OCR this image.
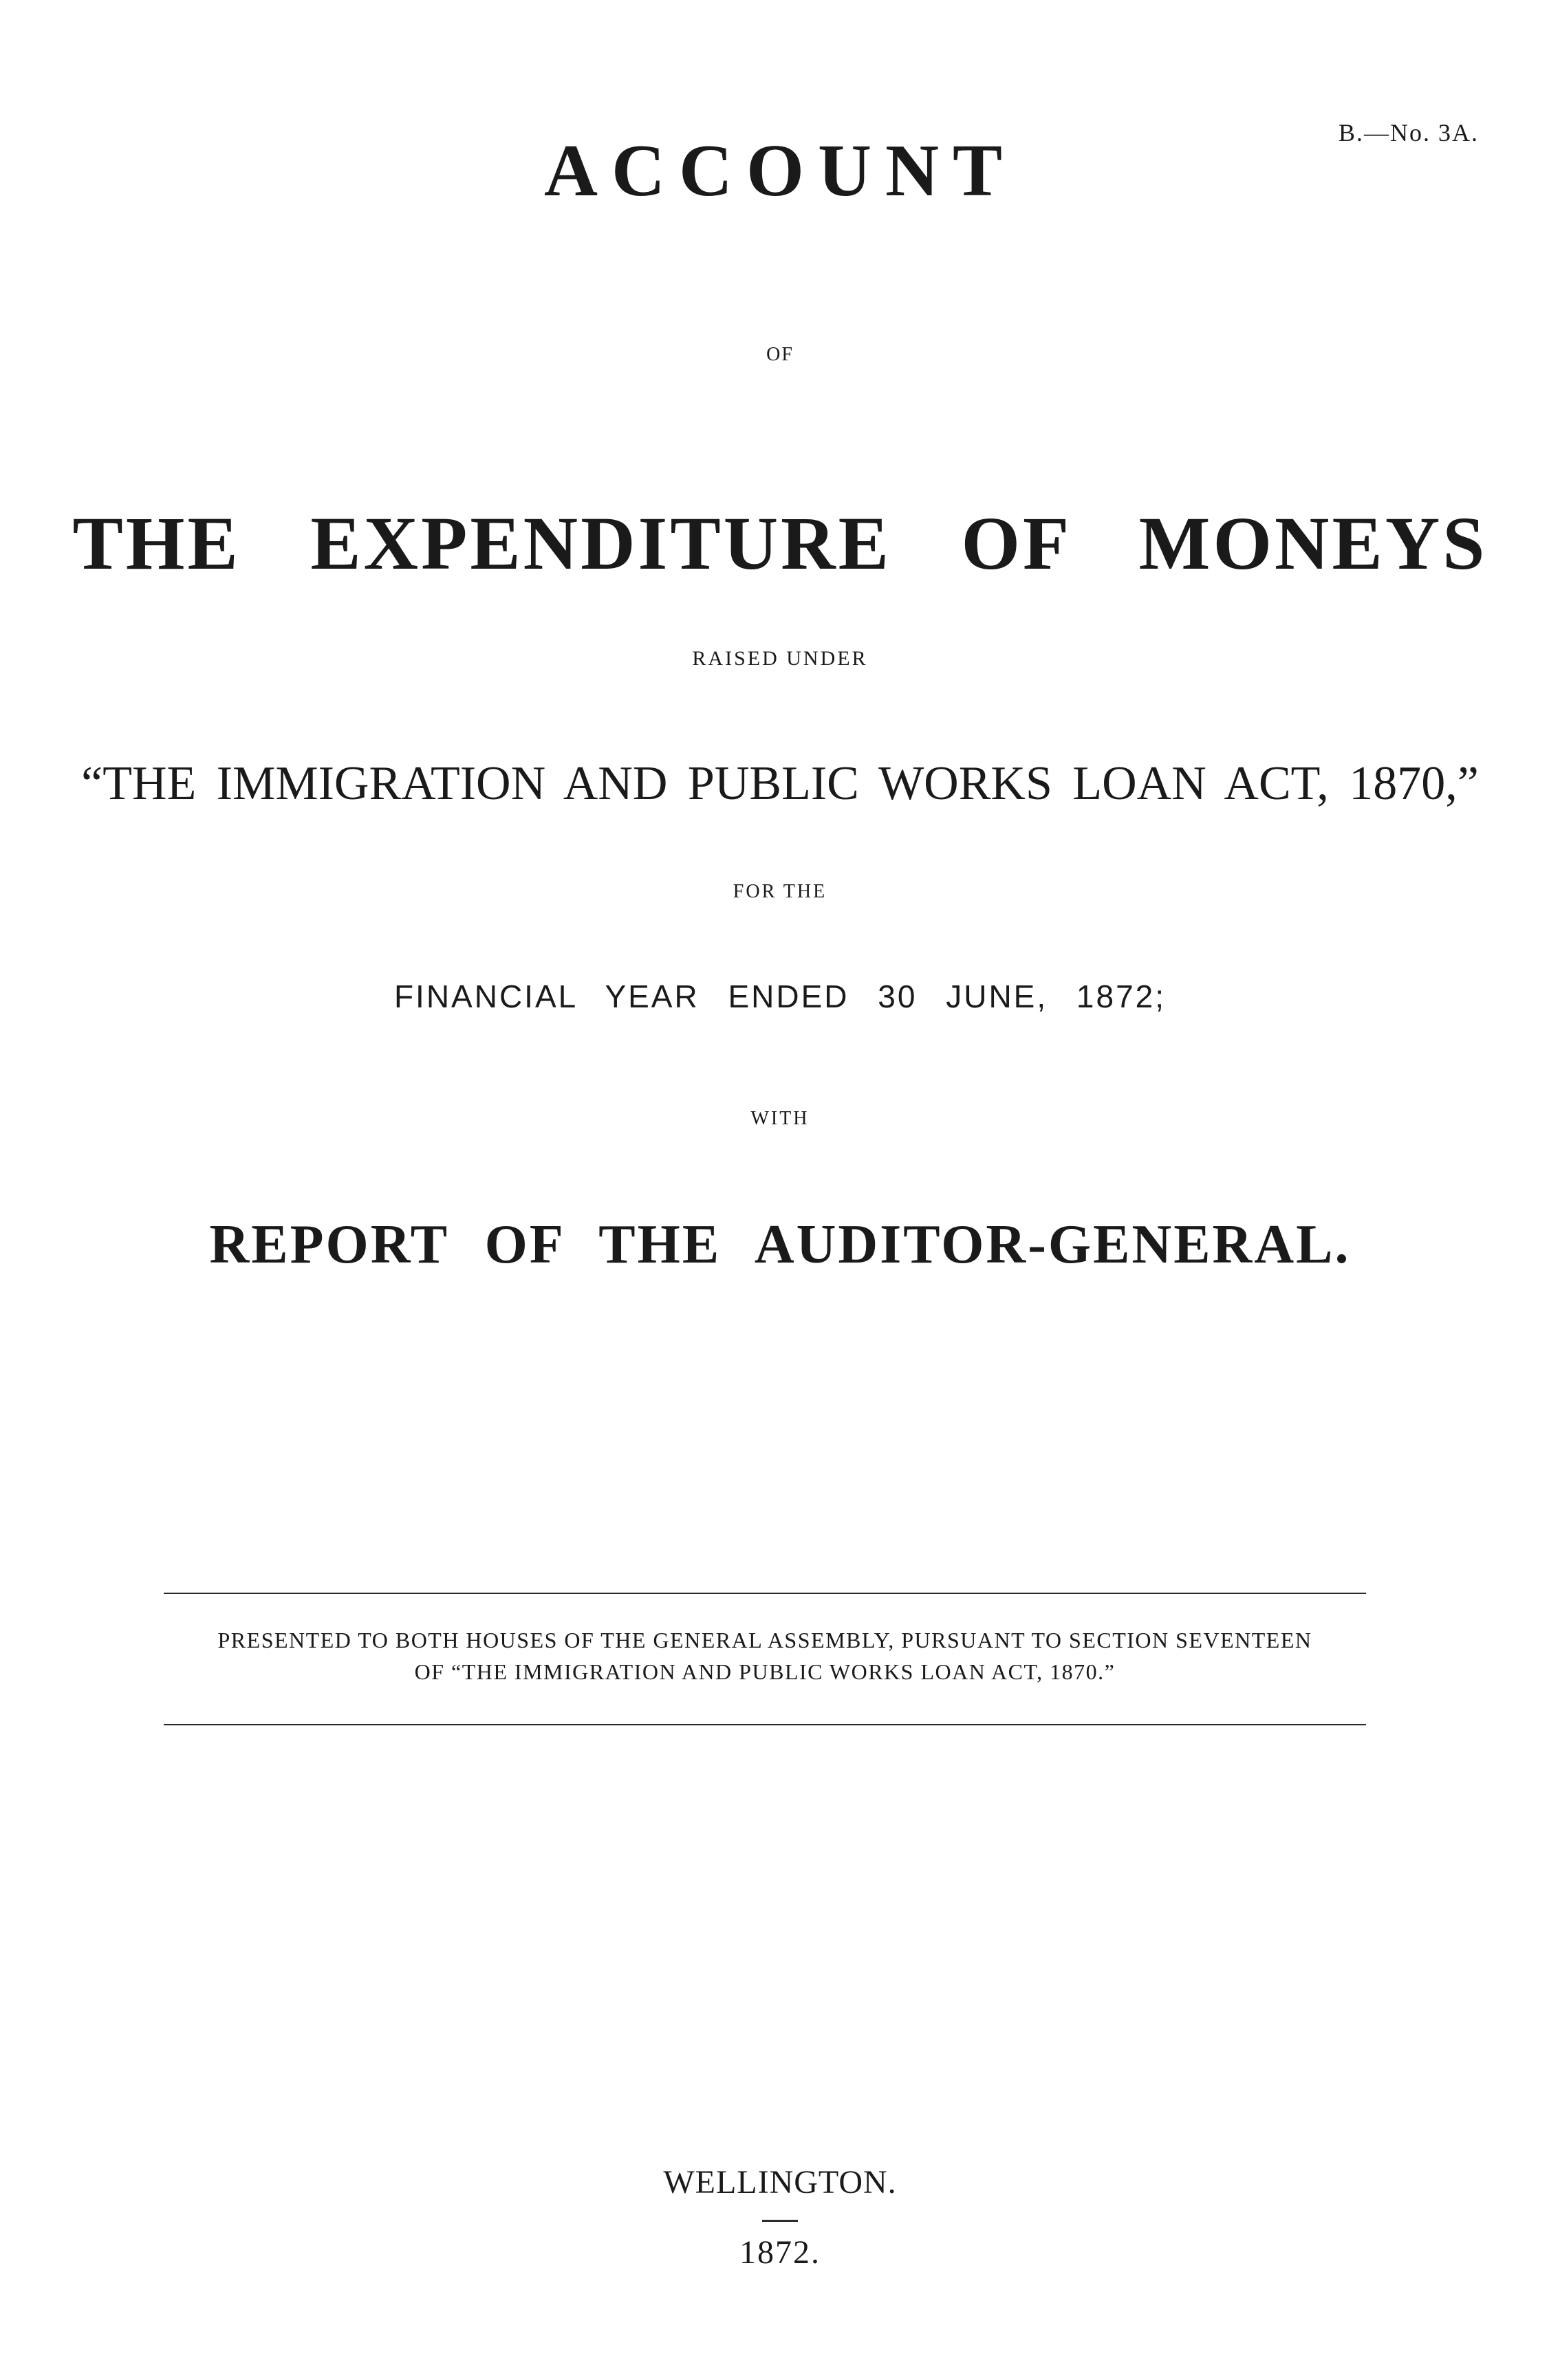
B.—No. 3A.
ACCOUNT
OF
THE EXPENDITURE OF MONEYS
RAISED UNDER
“THE IMMIGRATION AND PUBLIC WORKS LOAN ACT, 1870,”
FOR THE
FINANCIAL YEAR ENDED 30 JUNE, 1872;
WITH
REPORT OF THE AUDITOR-GENERAL.
PRESENTED TO BOTH HOUSES OF THE GENERAL ASSEMBLY, PURSUANT TO SECTION SEVENTEEN
OF “THE IMMIGRATION AND PUBLIC WORKS LOAN ACT, 1870.”
WELLINGTON.
1872.
